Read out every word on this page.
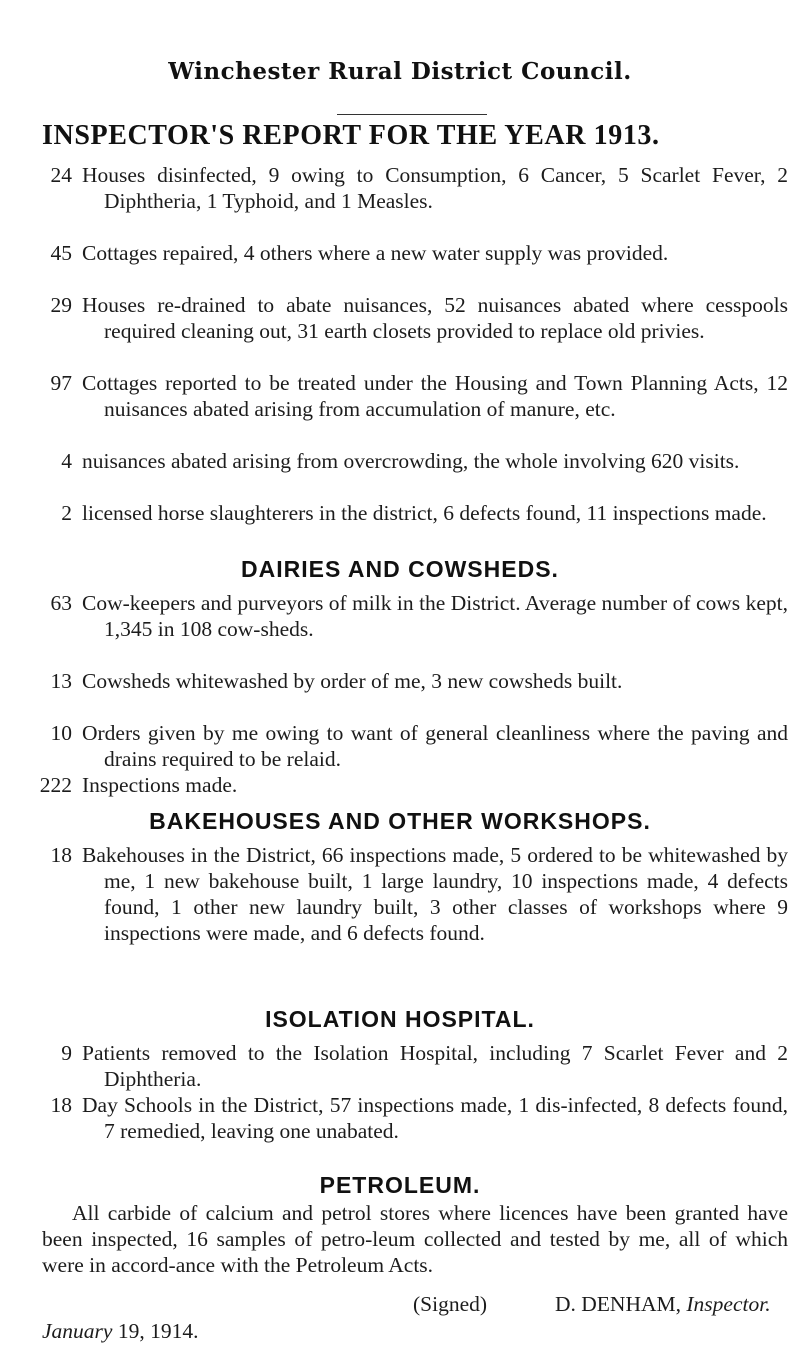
Winchester Rural District Council.
INSPECTOR'S REPORT FOR THE YEAR 1913.
24 Houses disinfected, 9 owing to Consumption, 6 Cancer, 5 Scarlet Fever, 2 Diphtheria, 1 Typhoid, and 1 Measles.
45 Cottages repaired, 4 others where a new water supply was provided.
29 Houses re-drained to abate nuisances, 52 nuisances abated where cesspools required cleaning out, 31 earth closets provided to replace old privies.
97 Cottages reported to be treated under the Housing and Town Planning Acts, 12 nuisances abated arising from accumulation of manure, etc.
4 nuisances abated arising from overcrowding, the whole involving 620 visits.
2 licensed horse slaughterers in the district, 6 defects found, 11 inspections made.
DAIRIES AND COWSHEDS.
63 Cow-keepers and purveyors of milk in the District. Average number of cows kept, 1,345 in 108 cow-sheds.
13 Cowsheds whitewashed by order of me, 3 new cowsheds built.
10 Orders given by me owing to want of general cleanliness where the paving and drains required to be relaid.
222 Inspections made.
BAKEHOUSES AND OTHER WORKSHOPS.
18 Bakehouses in the District, 66 inspections made, 5 ordered to be whitewashed by me, 1 new bakehouse built, 1 large laundry, 10 inspections made, 4 defects found, 1 other new laundry built, 3 other classes of workshops where 9 inspections were made, and 6 defects found.
ISOLATION HOSPITAL.
9 Patients removed to the Isolation Hospital, including 7 Scarlet Fever and 2 Diphtheria.
18 Day Schools in the District, 57 inspections made, 1 dis-infected, 8 defects found, 7 remedied, leaving one unabated.
PETROLEUM.
All carbide of calcium and petrol stores where licences have been granted have been inspected, 16 samples of petro-leum collected and tested by me, all of which were in accord-ance with the Petroleum Acts.
(Signed)	D. DENHAM, Inspector.
January 19, 1914.
